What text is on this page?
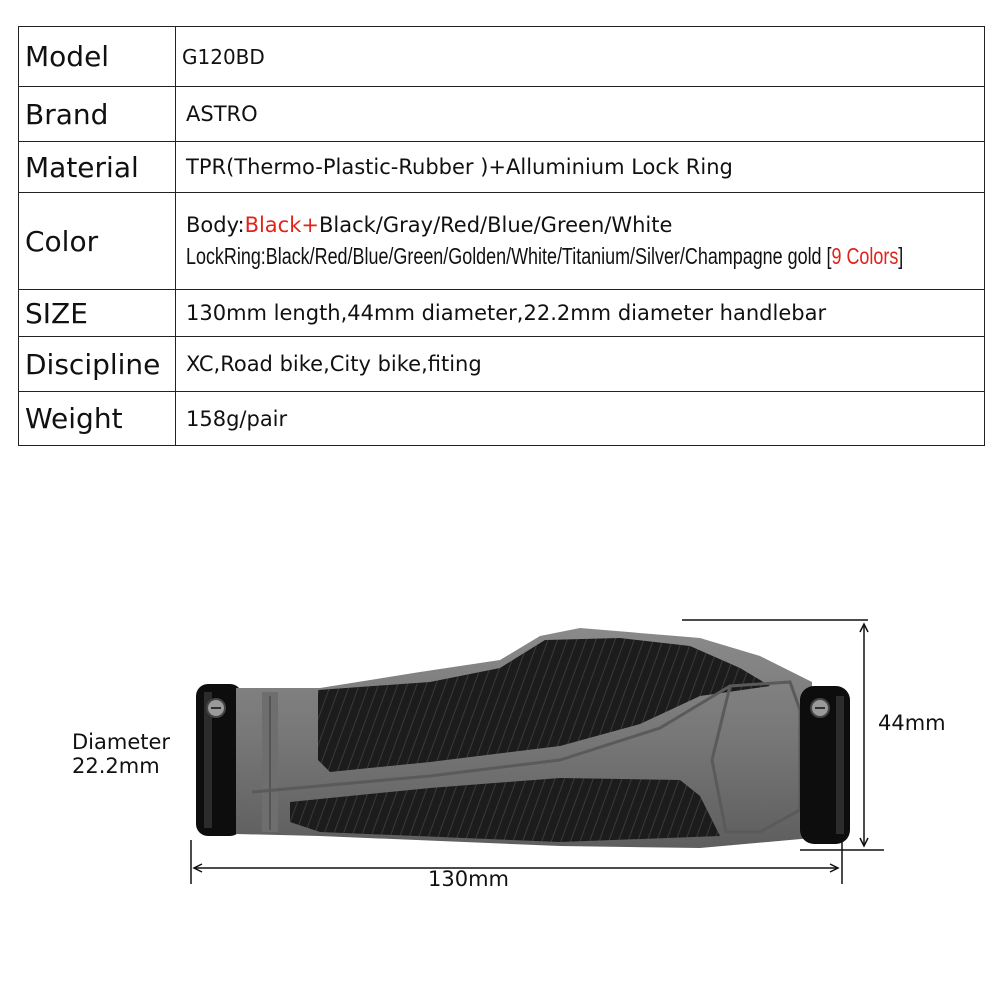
Model	G120BD
Brand	ASTRO
Material	TPR(Thermo-Plastic-Rubber )+Alluminium Lock Ring
Color	Body:Black+Black/Gray/Red/Blue/Green/White
LockRing:Black/Red/Blue/Green/Golden/White/Titanium/Silver/Champagne gold [9 Colors]

SIZE	130mm length,44mm diameter,22.2mm diameter handlebar
Discipline	XC,Road bike,City bike,fiting
Weight	158g/pair
Diameter
22.2mm
130mm
44mm
